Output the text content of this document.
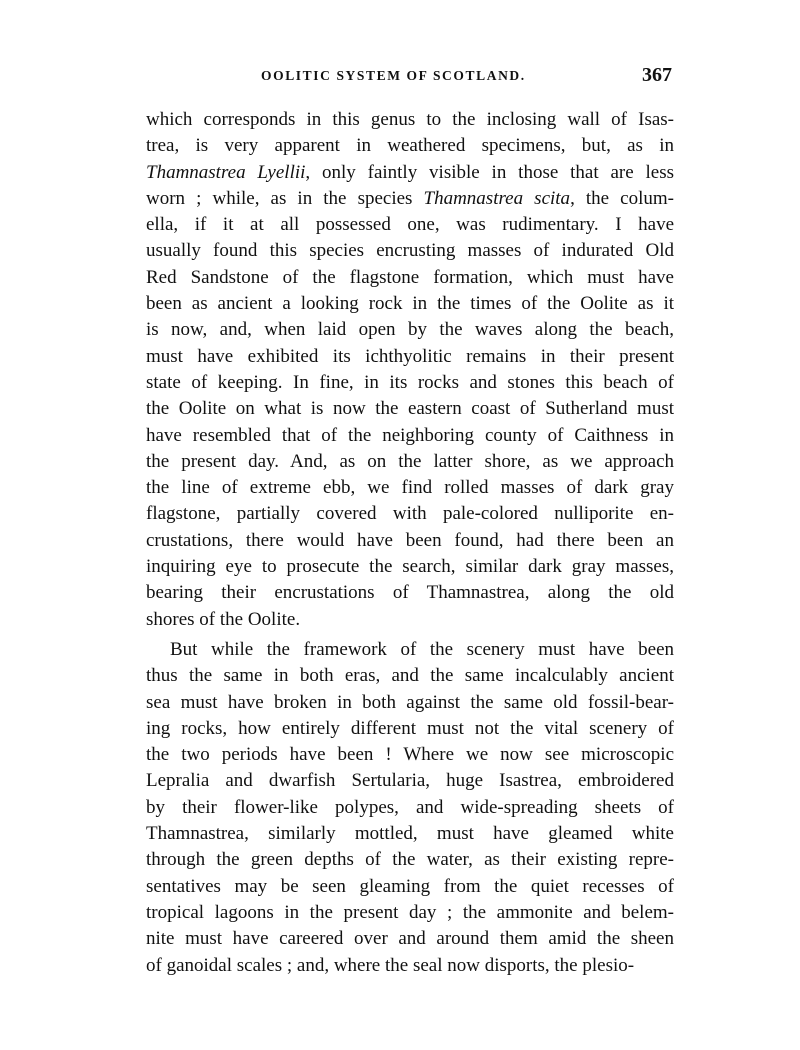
OOLITIC SYSTEM OF SCOTLAND.	367
which corresponds in this genus to the inclosing wall of Isas-
trea, is very apparent in weathered specimens, but, as in
Thamnastrea Lyellii, only faintly visible in those that are less
worn ; while, as in the species Thamnastrea scita, the colum-
ella, if it at all possessed one, was rudimentary. I have
usually found this species encrusting masses of indurated Old
Red Sandstone of the flagstone formation, which must have
been as ancient a looking rock in the times of the Oolite as it
is now, and, when laid open by the waves along the beach,
must have exhibited its ichthyolitic remains in their present
state of keeping. In fine, in its rocks and stones this beach of
the Oolite on what is now the eastern coast of Sutherland must
have resembled that of the neighboring county of Caithness in
the present day. And, as on the latter shore, as we approach
the line of extreme ebb, we find rolled masses of dark gray
flagstone, partially covered with pale-colored nulliporite en-
crustations, there would have been found, had there been an
inquiring eye to prosecute the search, similar dark gray masses,
bearing their encrustations of Thamnastrea, along the old
shores of the Oolite.
But while the framework of the scenery must have been
thus the same in both eras, and the same incalculably ancient
sea must have broken in both against the same old fossil-bear-
ing rocks, how entirely different must not the vital scenery of
the two periods have been ! Where we now see microscopic
Lepralia and dwarfish Sertularia, huge Isastrea, embroidered
by their flower-like polypes, and wide-spreading sheets of
Thamnastrea, similarly mottled, must have gleamed white
through the green depths of the water, as their existing repre-
sentatives may be seen gleaming from the quiet recesses of
tropical lagoons in the present day ; the ammonite and belem-
nite must have careered over and around them amid the sheen
of ganoidal scales ; and, where the seal now disports, the plesio-
